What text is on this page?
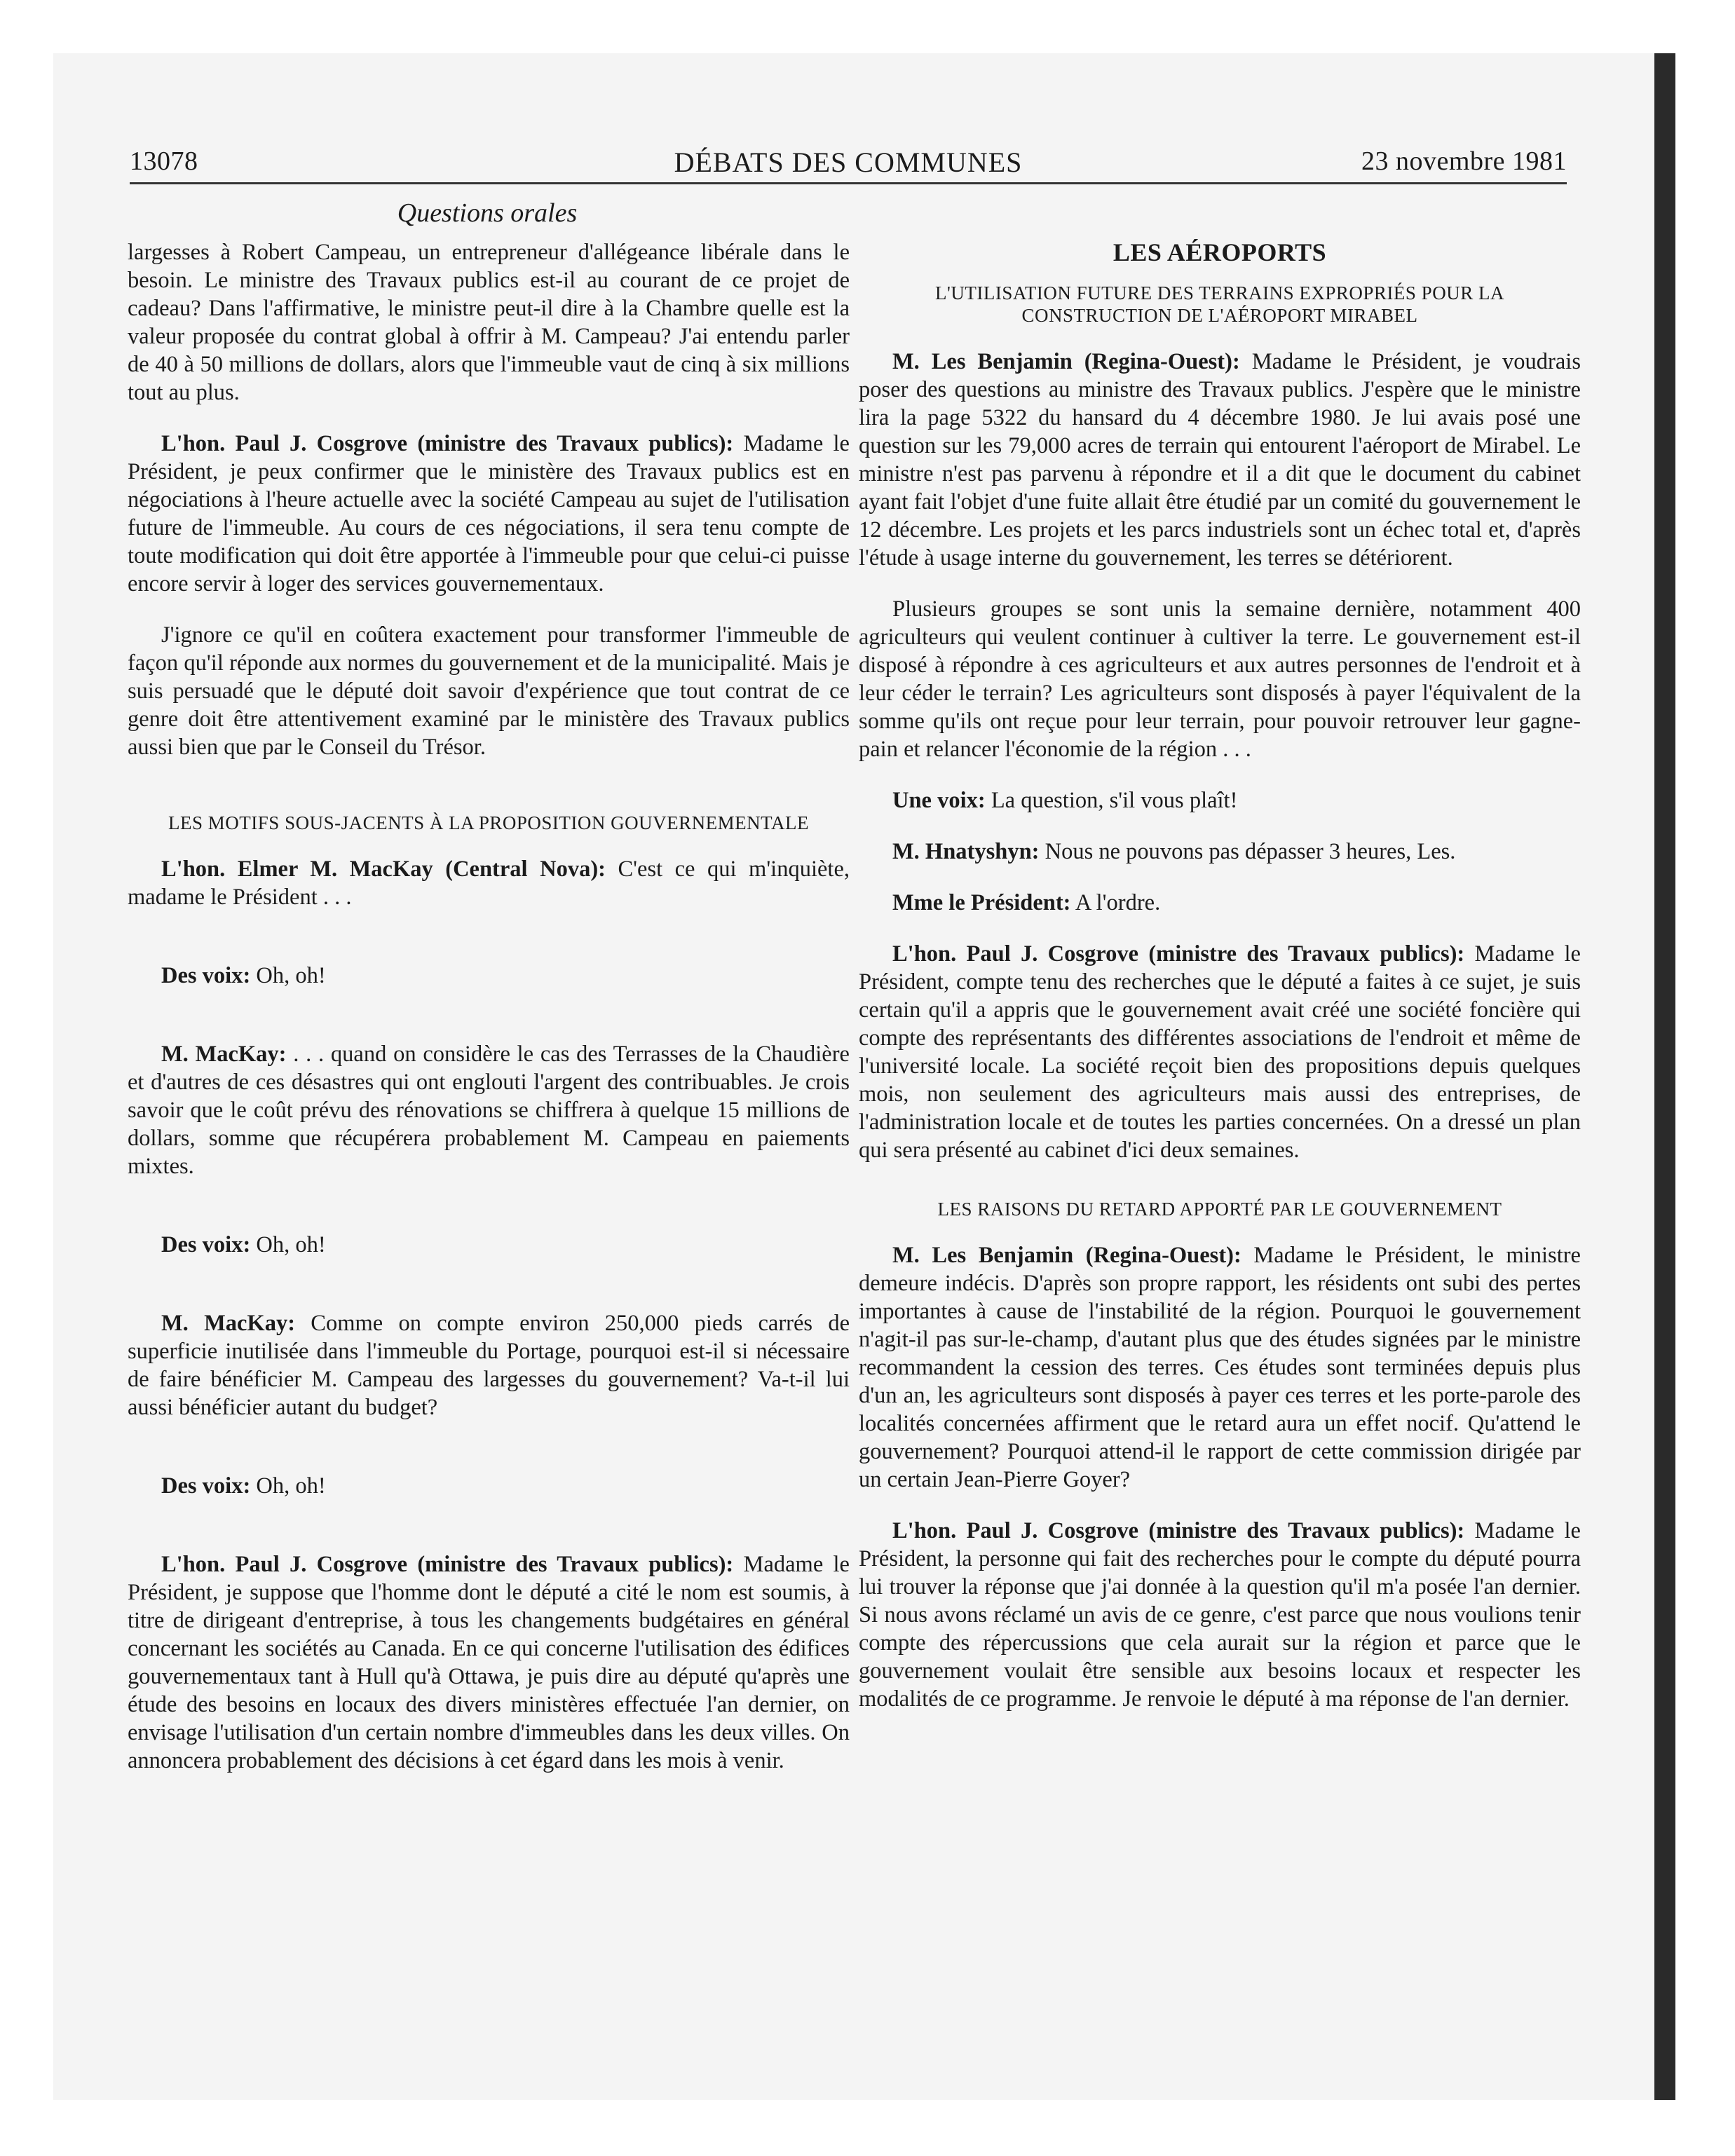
13078	DÉBATS DES COMMUNES	23 novembre 1981
Questions orales

largesses à Robert Campeau, un entrepreneur d'allégeance libérale dans le besoin. Le ministre des Travaux publics est-il au courant de ce projet de cadeau? Dans l'affirmative, le ministre peut-il dire à la Chambre quelle est la valeur proposée du contrat global à offrir à M. Campeau? J'ai entendu parler de 40 à 50 millions de dollars, alors que l'immeuble vaut de cinq à six millions tout au plus.

L'hon. Paul J. Cosgrove (ministre des Travaux publics): Madame le Président, je peux confirmer que le ministère des Travaux publics est en négociations à l'heure actuelle avec la société Campeau au sujet de l'utilisation future de l'immeuble. Au cours de ces négociations, il sera tenu compte de toute modification qui doit être apportée à l'immeuble pour que celui-ci puisse encore servir à loger des services gouvernementaux.

J'ignore ce qu'il en coûtera exactement pour transformer l'immeuble de façon qu'il réponde aux normes du gouvernement et de la municipalité. Mais je suis persuadé que le député doit savoir d'expérience que tout contrat de ce genre doit être attentivement examiné par le ministère des Travaux publics aussi bien que par le Conseil du Trésor.

LES MOTIFS SOUS-JACENTS À LA PROPOSITION GOUVERNEMENTALE

L'hon. Elmer M. MacKay (Central Nova): C'est ce qui m'inquiète, madame le Président . . .

Des voix: Oh, oh!

M. MacKay: . . . quand on considère le cas des Terrasses de la Chaudière et d'autres de ces désastres qui ont englouti l'argent des contribuables. Je crois savoir que le coût prévu des rénovations se chiffrera à quelque 15 millions de dollars, somme que récupérera probablement M. Campeau en paiements mixtes.

Des voix: Oh, oh!

M. MacKay: Comme on compte environ 250,000 pieds carrés de superficie inutilisée dans l'immeuble du Portage, pourquoi est-il si nécessaire de faire bénéficier M. Campeau des largesses du gouvernement? Va-t-il lui aussi bénéficier autant du budget?

Des voix: Oh, oh!

L'hon. Paul J. Cosgrove (ministre des Travaux publics): Madame le Président, je suppose que l'homme dont le député a cité le nom est soumis, à titre de dirigeant d'entreprise, à tous les changements budgétaires en général concernant les sociétés au Canada. En ce qui concerne l'utilisation des édifices gouvernementaux tant à Hull qu'à Ottawa, je puis dire au député qu'après une étude des besoins en locaux des divers ministères effectuée l'an dernier, on envisage l'utilisation d'un certain nombre d'immeubles dans les deux villes. On annoncera probablement des décisions à cet égard dans les mois à venir.

LES AÉROPORTS
L'UTILISATION FUTURE DES TERRAINS EXPROPRIÉS POUR LA CONSTRUCTION DE L'AÉROPORT MIRABEL

M. Les Benjamin (Regina-Ouest): Madame le Président, je voudrais poser des questions au ministre des Travaux publics. J'espère que le ministre lira la page 5322 du hansard du 4 décembre 1980. Je lui avais posé une question sur les 79,000 acres de terrain qui entourent l'aéroport de Mirabel. Le ministre n'est pas parvenu à répondre et il a dit que le document du cabinet ayant fait l'objet d'une fuite allait être étudié par un comité du gouvernement le 12 décembre. Les projets et les parcs industriels sont un échec total et, d'après l'étude à usage interne du gouvernement, les terres se détériorent.

Plusieurs groupes se sont unis la semaine dernière, notamment 400 agriculteurs qui veulent continuer à cultiver la terre. Le gouvernement est-il disposé à répondre à ces agriculteurs et aux autres personnes de l'endroit et à leur céder le terrain? Les agriculteurs sont disposés à payer l'équivalent de la somme qu'ils ont reçue pour leur terrain, pour pouvoir retrouver leur gagne-pain et relancer l'économie de la région . . .

Une voix: La question, s'il vous plaît!

M. Hnatyshyn: Nous ne pouvons pas dépasser 3 heures, Les.

Mme le Président: A l'ordre.

L'hon. Paul J. Cosgrove (ministre des Travaux publics): Madame le Président, compte tenu des recherches que le député a faites à ce sujet, je suis certain qu'il a appris que le gouvernement avait créé une société foncière qui compte des représentants des différentes associations de l'endroit et même de l'université locale. La société reçoit bien des propositions depuis quelques mois, non seulement des agriculteurs mais aussi des entreprises, de l'administration locale et de toutes les parties concernées. On a dressé un plan qui sera présenté au cabinet d'ici deux semaines.

LES RAISONS DU RETARD APPORTÉ PAR LE GOUVERNEMENT

M. Les Benjamin (Regina-Ouest): Madame le Président, le ministre demeure indécis. D'après son propre rapport, les résidents ont subi des pertes importantes à cause de l'instabilité de la région. Pourquoi le gouvernement n'agit-il pas sur-le-champ, d'autant plus que des études signées par le ministre recommandent la cession des terres. Ces études sont terminées depuis plus d'un an, les agriculteurs sont disposés à payer ces terres et les porte-parole des localités concernées affirment que le retard aura un effet nocif. Qu'attend le gouvernement? Pourquoi attend-il le rapport de cette commission dirigée par un certain Jean-Pierre Goyer?

L'hon. Paul J. Cosgrove (ministre des Travaux publics): Madame le Président, la personne qui fait des recherches pour le compte du député pourra lui trouver la réponse que j'ai donnée à la question qu'il m'a posée l'an dernier. Si nous avons réclamé un avis de ce genre, c'est parce que nous voulions tenir compte des répercussions que cela aurait sur la région et parce que le gouvernement voulait être sensible aux besoins locaux et respecter les modalités de ce programme. Je renvoie le député à ma réponse de l'an dernier.
